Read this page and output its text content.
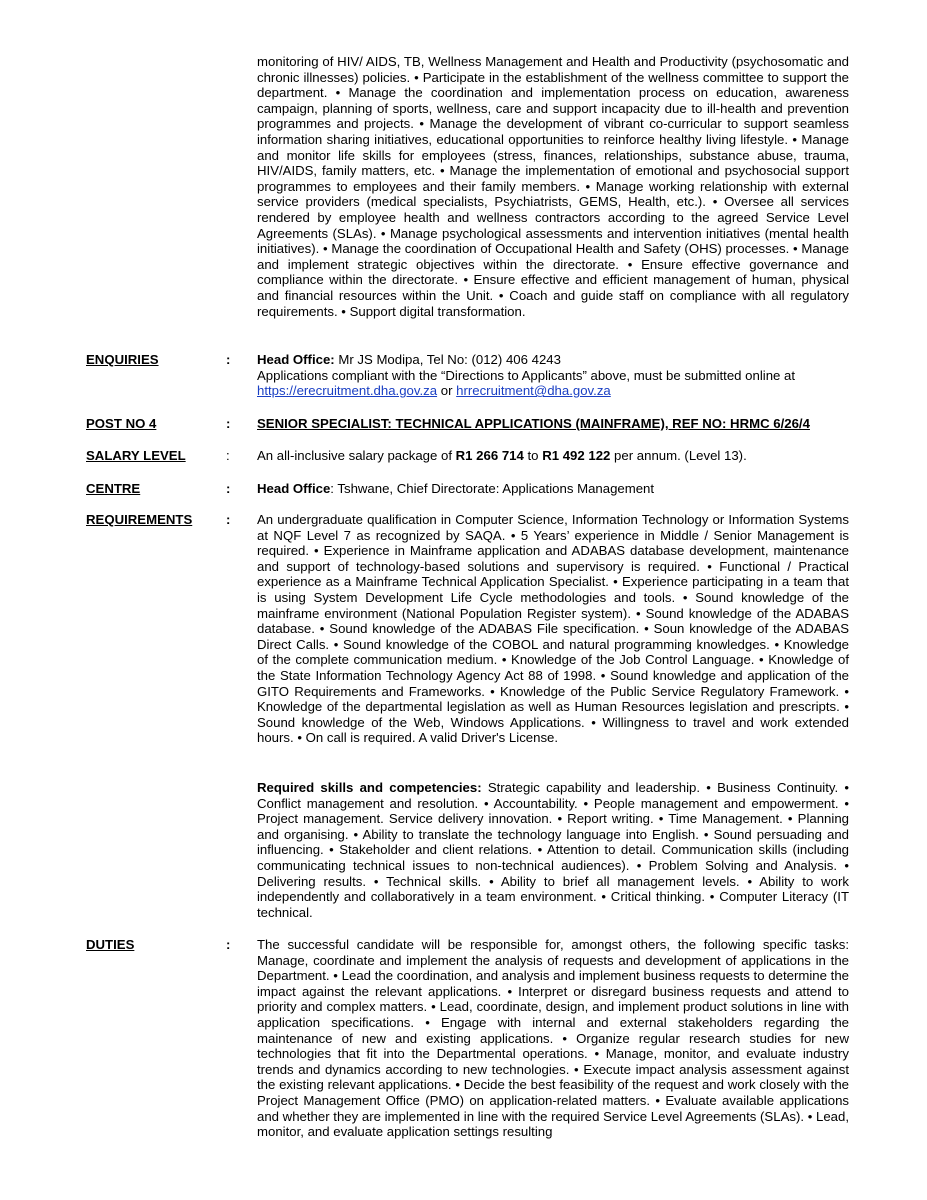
monitoring of HIV/ AIDS, TB, Wellness Management and Health and Productivity (psychosomatic and chronic illnesses) policies. • Participate in the establishment of the wellness committee to support the department. • Manage the coordination and implementation process on education, awareness campaign, planning of sports, wellness, care and support incapacity due to ill-health and prevention programmes and projects. • Manage the development of vibrant co-curricular to support seamless information sharing initiatives, educational opportunities to reinforce healthy living lifestyle. • Manage and monitor life skills for employees (stress, finances, relationships, substance abuse, trauma, HIV/AIDS, family matters, etc. • Manage the implementation of emotional and psychosocial support programmes to employees and their family members. • Manage working relationship with external service providers (medical specialists, Psychiatrists, GEMS, Health, etc.). • Oversee all services rendered by employee health and wellness contractors according to the agreed Service Level Agreements (SLAs). • Manage psychological assessments and intervention initiatives (mental health initiatives). • Manage the coordination of Occupational Health and Safety (OHS) processes. • Manage and implement strategic objectives within the directorate. • Ensure effective governance and compliance within the directorate. • Ensure effective and efficient management of human, physical and financial resources within the Unit. • Coach and guide staff on compliance with all regulatory requirements. • Support digital transformation.

ENQUIRIES	: Head Office: Mr JS Modipa, Tel No: (012) 406 4243
Applications compliant with the “Directions to Applicants” above, must be submitted online at https://erecruitment.dha.gov.za or hrrecruitment@dha.gov.za

POST NO 4	: SENIOR SPECIALIST: TECHNICAL APPLICATIONS (MAINFRAME), REF NO: HRMC 6/26/4

SALARY LEVEL	: An all-inclusive salary package of R1 266 714 to R1 492 122 per annum. (Level 13).

CENTRE	: Head Office: Tshwane, Chief Directorate: Applications Management

REQUIREMENTS	: An undergraduate qualification in Computer Science, Information Technology or Information Systems at NQF Level 7 as recognized by SAQA. • 5 Years’ experience in Middle / Senior Management is required. • Experience in Mainframe application and ADABAS database development, maintenance and support of technology-based solutions and supervisory is required. • Functional / Practical experience as a Mainframe Technical Application Specialist. • Experience participating in a team that is using System Development Life Cycle methodologies and tools. • Sound knowledge of the mainframe environment (National Population Register system). • Sound knowledge of the ADABAS database. • Sound knowledge of the ADABAS File specification. • Soun knowledge of the ADABAS Direct Calls. • Sound knowledge of the COBOL and natural programming knowledges. • Knowledge of the complete communication medium. • Knowledge of the Job Control Language. • Knowledge of the State Information Technology Agency Act 88 of 1998. • Sound knowledge and application of the GITO Requirements and Frameworks. • Knowledge of the Public Service Regulatory Framework. • Knowledge of the departmental legislation as well as Human Resources legislation and prescripts. • Sound knowledge of the Web, Windows Applications. • Willingness to travel and work extended hours. • On call is required. A valid Driver's License.

Required skills and competencies: Strategic capability and leadership. • Business Continuity. • Conflict management and resolution. • Accountability. • People management and empowerment. • Project management. Service delivery innovation. • Report writing. • Time Management. • Planning and organising. • Ability to translate the technology language into English. • Sound persuading and influencing. • Stakeholder and client relations. • Attention to detail. Communication skills (including communicating technical issues to non-technical audiences). • Problem Solving and Analysis. • Delivering results. • Technical skills. • Ability to brief all management levels. • Ability to work independently and collaboratively in a team environment. • Critical thinking. • Computer Literacy (IT technical.

DUTIES	: The successful candidate will be responsible for, amongst others, the following specific tasks: Manage, coordinate and implement the analysis of requests and development of applications in the Department. • Lead the coordination, and analysis and implement business requests to determine the impact against the relevant applications. • Interpret or disregard business requests and attend to priority and complex matters. • Lead, coordinate, design, and implement product solutions in line with application specifications. • Engage with internal and external stakeholders regarding the maintenance of new and existing applications. • Organize regular research studies for new technologies that fit into the Departmental operations. • Manage, monitor, and evaluate industry trends and dynamics according to new technologies. • Execute impact analysis assessment against the existing relevant applications. • Decide the best feasibility of the request and work closely with the Project Management Office (PMO) on application-related matters. • Evaluate available applications and whether they are implemented in line with the required Service Level Agreements (SLAs). • Lead, monitor, and evaluate application settings resulting
